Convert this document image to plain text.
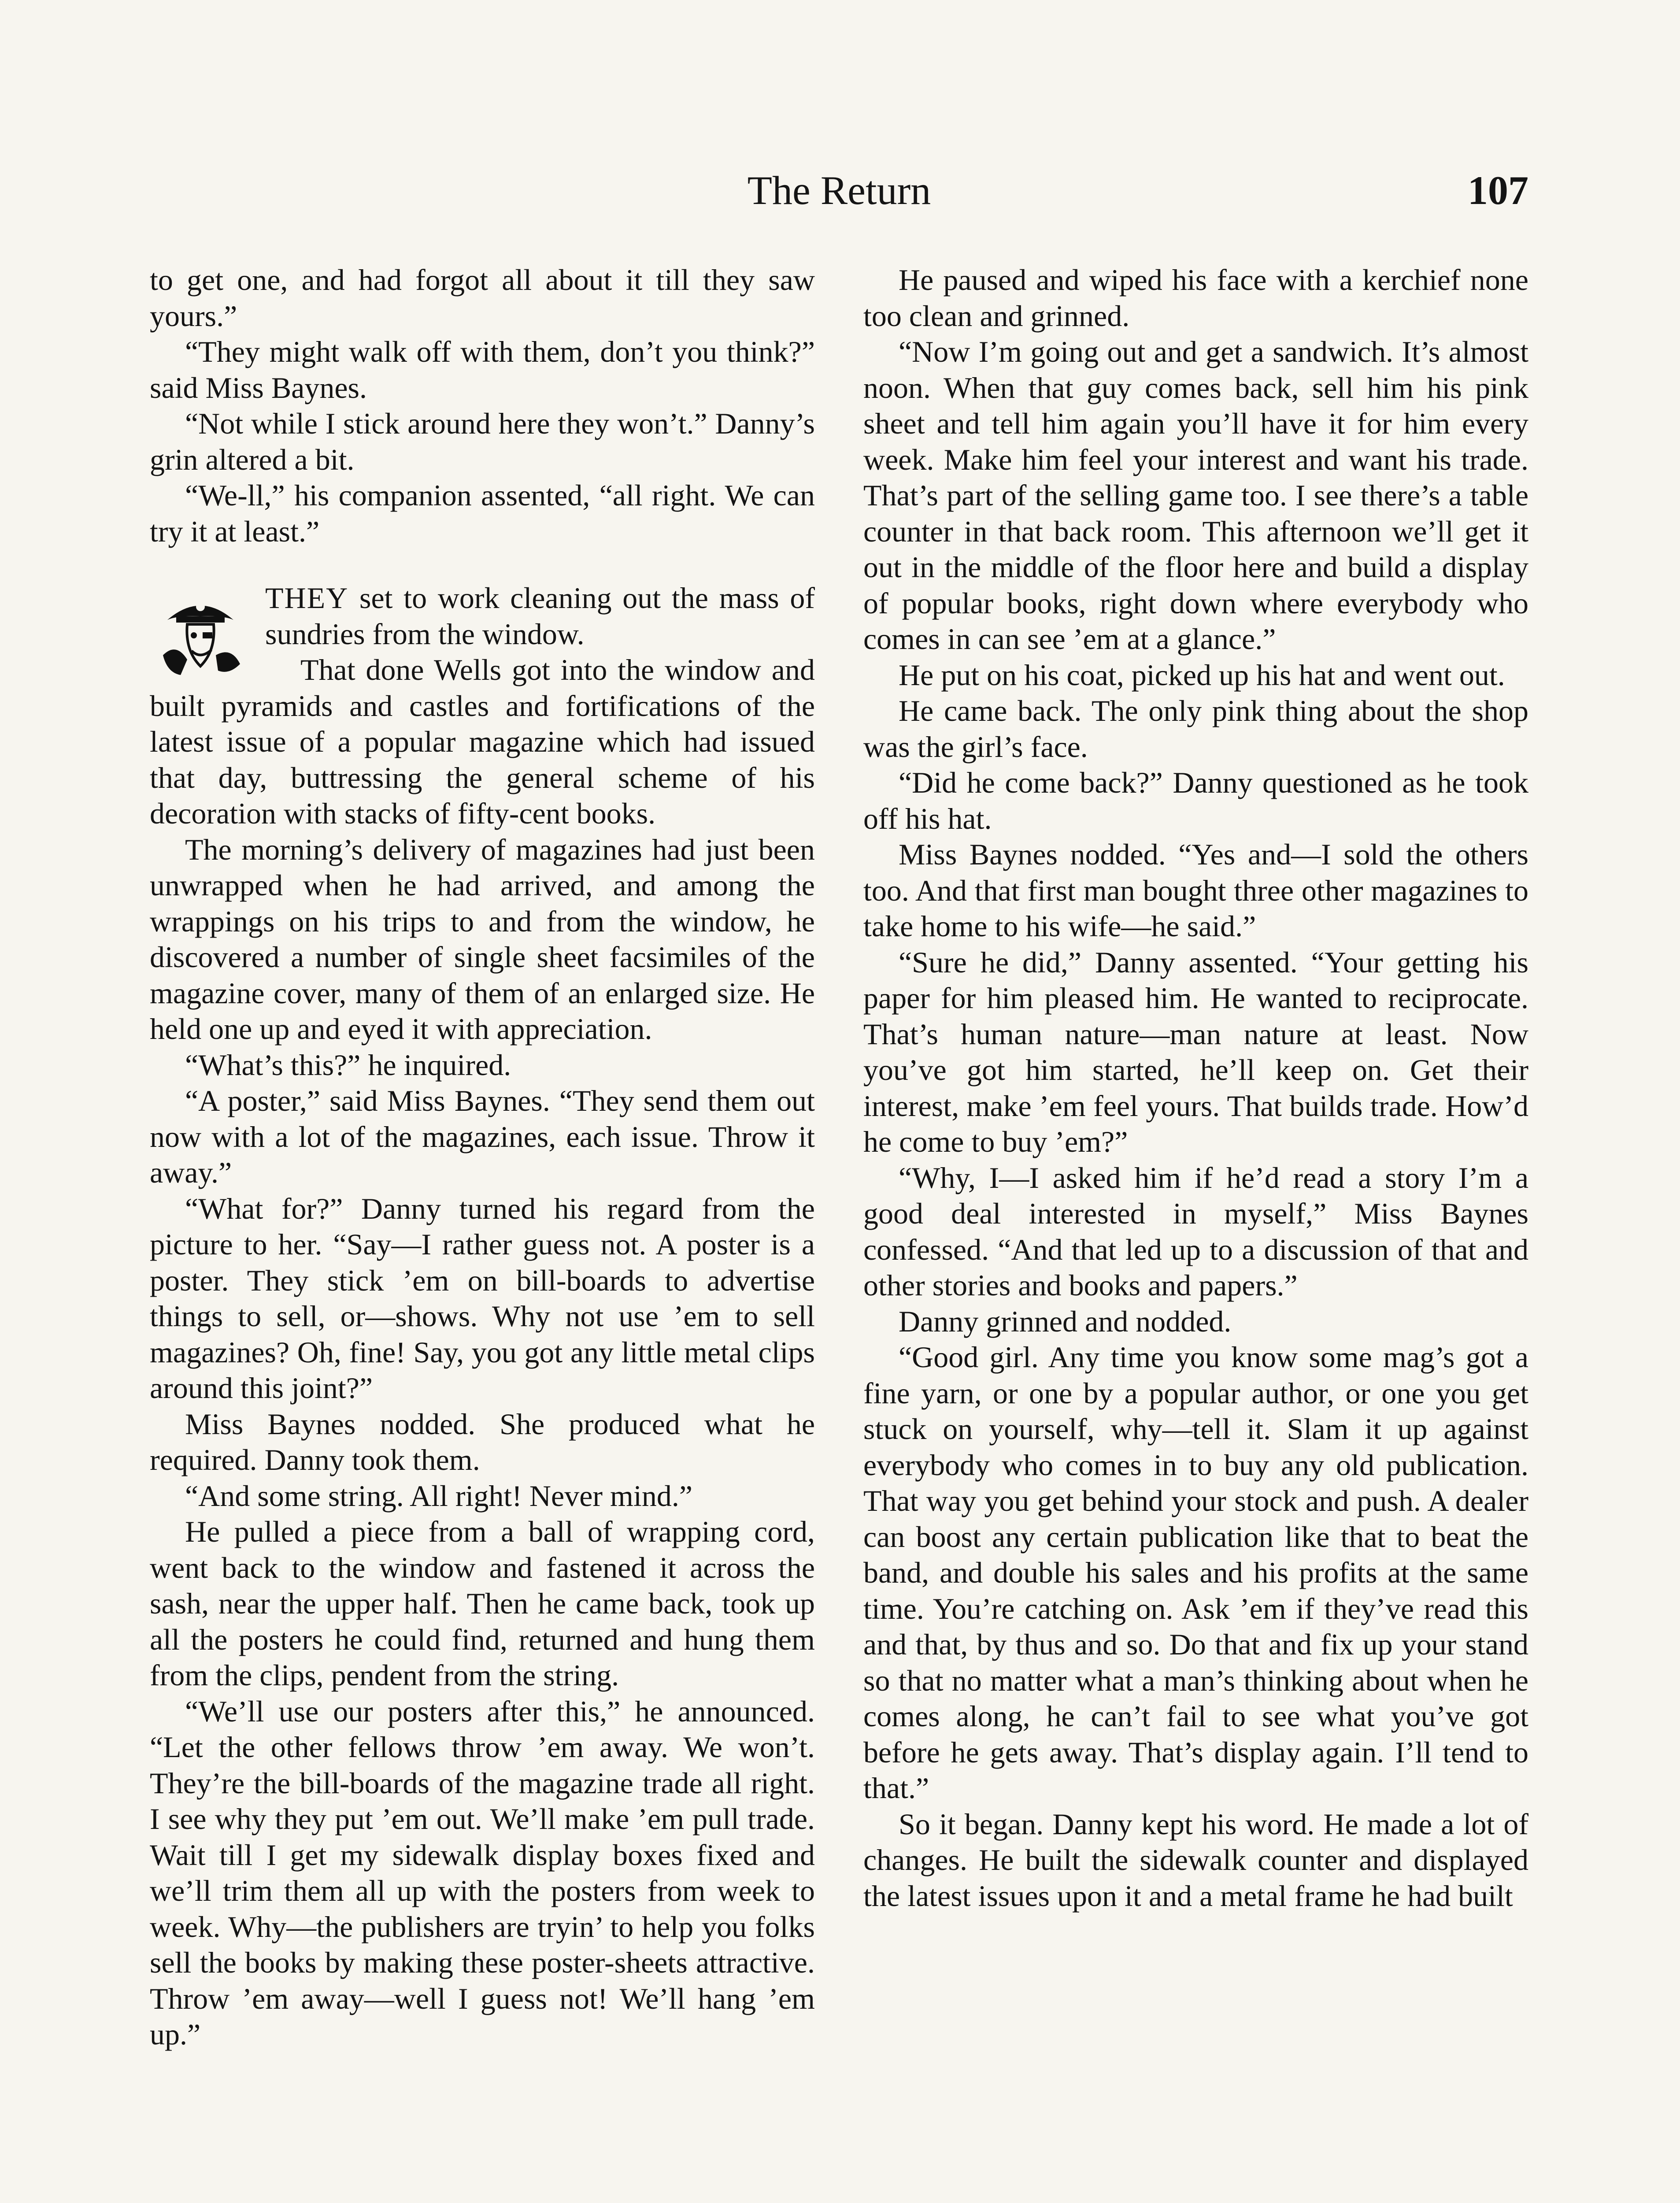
The Return	107

to get one, and had forgot all about it till they saw yours.”

“They might walk off with them, don’t you think?” said Miss Baynes.

“Not while I stick around here they won’t.” Danny’s grin altered a bit.

“We-ll,” his companion assented, “all right. We can try it at least.”

THEY set to work cleaning out the mass of sundries from the window.

That done Wells got into the window and built pyramids and castles and fortifications of the latest issue of a popular magazine which had issued that day, buttressing the general scheme of his decoration with stacks of fifty-cent books.

The morning’s delivery of magazines had just been unwrapped when he had arrived, and among the wrappings on his trips to and from the window, he discovered a number of single sheet facsimiles of the magazine cover, many of them of an enlarged size. He held one up and eyed it with appreciation.

“What’s this?” he inquired.

“A poster,” said Miss Baynes. “They send them out now with a lot of the magazines, each issue. Throw it away.”

“What for?” Danny turned his regard from the picture to her. “Say—I rather guess not. A poster is a poster. They stick ’em on bill-boards to advertise things to sell, or—shows. Why not use ’em to sell magazines? Oh, fine! Say, you got any little metal clips around this joint?”

Miss Baynes nodded. She produced what he required. Danny took them.

“And some string. All right! Never mind.”

He pulled a piece from a ball of wrapping cord, went back to the window and fastened it across the sash, near the upper half. Then he came back, took up all the posters he could find, returned and hung them from the clips, pendent from the string.

“We’ll use our posters after this,” he announced. “Let the other fellows throw ’em away. We won’t. They’re the bill-boards of the magazine trade all right. I see why they put ’em out. We’ll make ’em pull trade. Wait till I get my sidewalk display boxes fixed and we’ll trim them all up with the posters from week to week. Why—the publishers are tryin’ to help you folks sell the books by making these poster-sheets attractive. Throw ’em away—well I guess not! We’ll hang ’em up.”

He paused and wiped his face with a kerchief none too clean and grinned.

“Now I’m going out and get a sandwich. It’s almost noon. When that guy comes back, sell him his pink sheet and tell him again you’ll have it for him every week. Make him feel your interest and want his trade. That’s part of the selling game too. I see there’s a table counter in that back room. This afternoon we’ll get it out in the middle of the floor here and build a display of popular books, right down where everybody who comes in can see ’em at a glance.”

He put on his coat, picked up his hat and went out.

He came back. The only pink thing about the shop was the girl’s face.

“Did he come back?” Danny questioned as he took off his hat.

Miss Baynes nodded. “Yes and—I sold the others too. And that first man bought three other magazines to take home to his wife—he said.”

“Sure he did,” Danny assented. “Your getting his paper for him pleased him. He wanted to reciprocate. That’s human nature—man nature at least. Now you’ve got him started, he’ll keep on. Get their interest, make ’em feel yours. That builds trade. How’d he come to buy ’em?”

“Why, I—I asked him if he’d read a story I’m a good deal interested in myself,” Miss Baynes confessed. “And that led up to a discussion of that and other stories and books and papers.”

Danny grinned and nodded.

“Good girl. Any time you know some mag’s got a fine yarn, or one by a popular author, or one you get stuck on yourself, why—tell it. Slam it up against everybody who comes in to buy any old publication. That way you get behind your stock and push. A dealer can boost any certain publication like that to beat the band, and double his sales and his profits at the same time. You’re catching on. Ask ’em if they’ve read this and that, by thus and so. Do that and fix up your stand so that no matter what a man’s thinking about when he comes along, he can’t fail to see what you’ve got before he gets away. That’s display again. I’ll tend to that.”

So it began. Danny kept his word. He made a lot of changes. He built the sidewalk counter and displayed the latest issues upon it and a metal frame he had built
